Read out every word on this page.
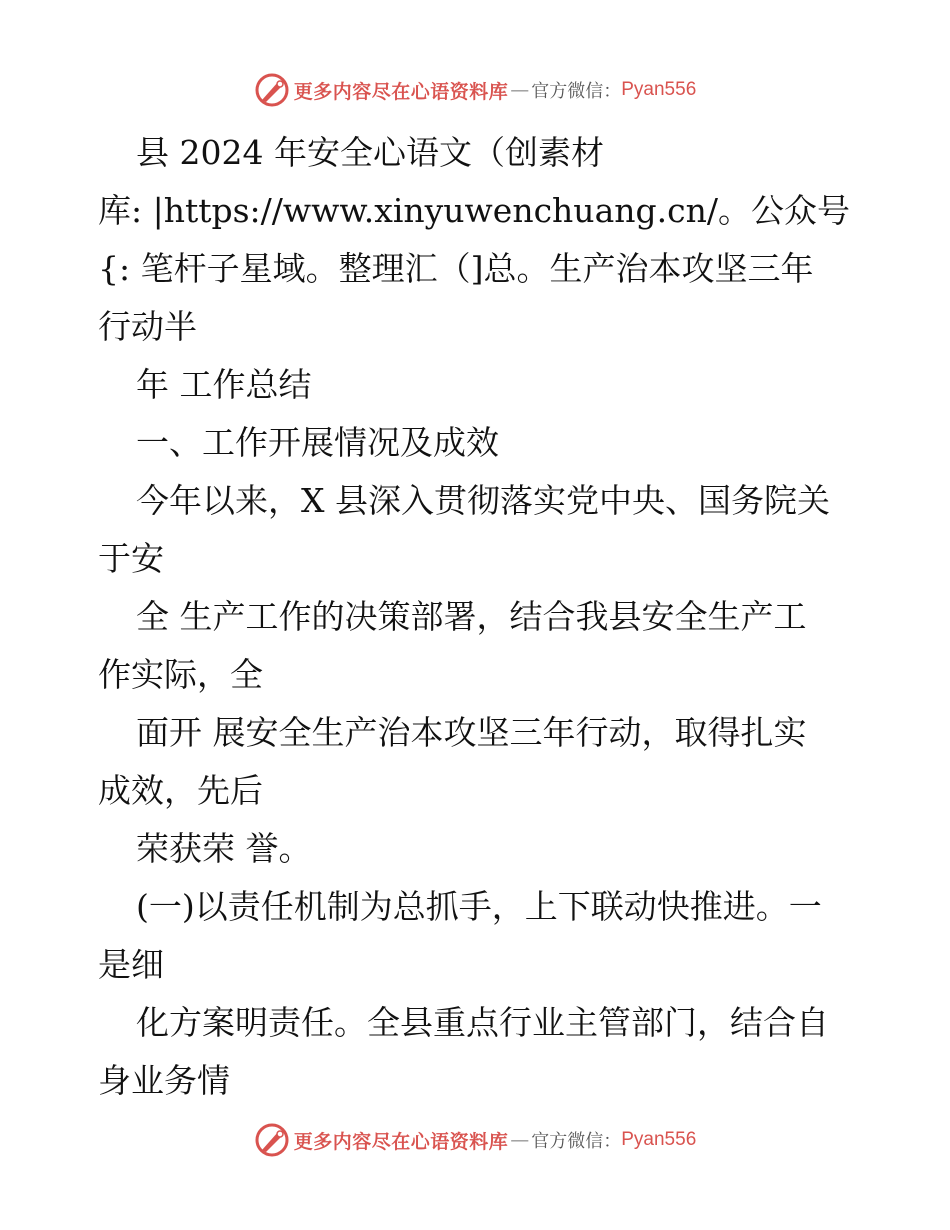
更多内容尽在心语资料库 — 官方微信： Pyan556
县 2024 年安全心语文（创素材
库: |https://www.xinyuwenchuang.cn/。公众号
{: 笔杆子星域。整理汇（]总。生产治本攻坚三年
行动半
年 工作总结
一、工作开展情况及成效
今年以来，X 县深入贯彻落实党中央、国务院关
于安
全 生产工作的决策部署，结合我县安全生产工
作实际，全
面开 展安全生产治本攻坚三年行动，取得扎实
成效，先后
荣获荣 誉。
(一)以责任机制为总抓手，上下联动快推进。一
是细
化方案明责任。全县重点行业主管部门，结合自
身业务情
更多内容尽在心语资料库 — 官方微信： Pyan556
